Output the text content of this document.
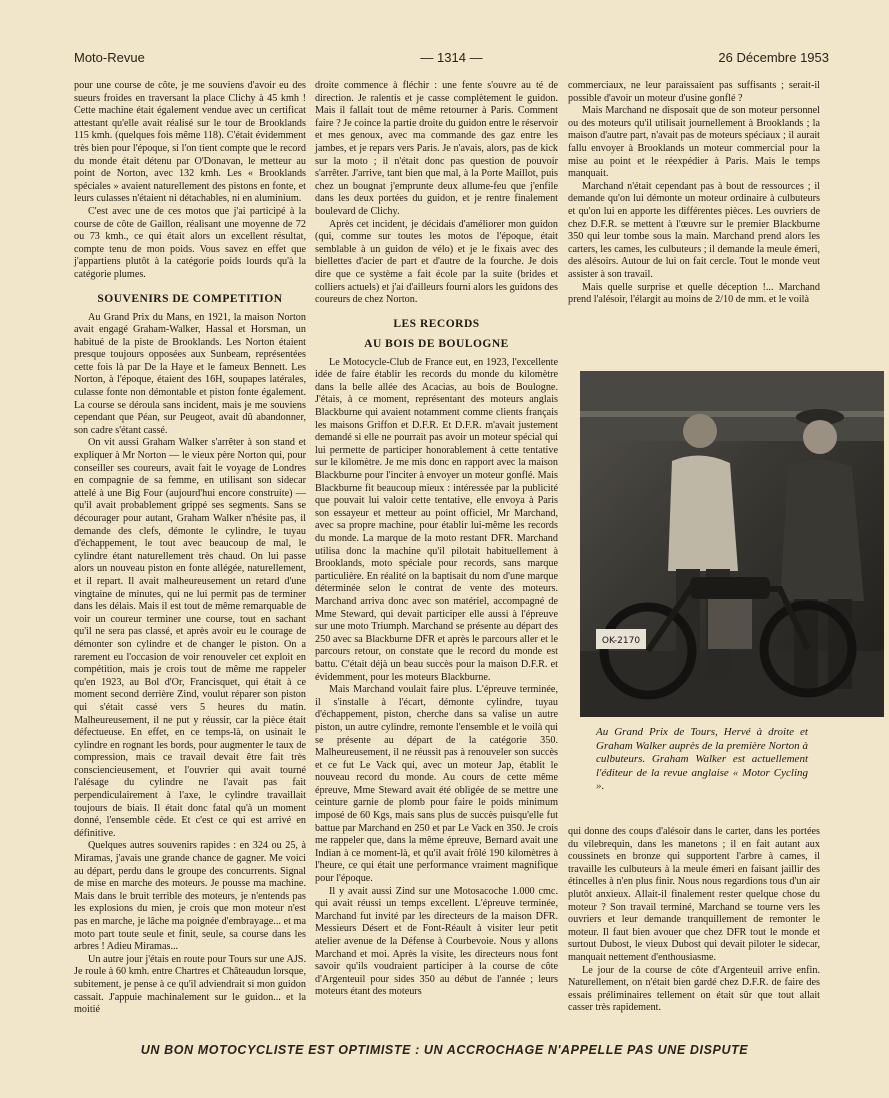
Moto-Revue	— 1314 —	26 Décembre 1953

pour une course de côte, je me souviens d'avoir eu des sueurs froides en traversant la place Clichy à 45 kmh ! Cette machine était également vendue avec un certificat attestant qu'elle avait réalisé sur le tour de Brooklands 115 kmh. (quelques fois même 118). C'était évidemment très bien pour l'époque, si l'on tient compte que le record du monde était détenu par O'Donavan, le metteur au point de Norton, avec 132 kmh. Les « Brooklands spéciales » avaient naturellement des pistons en fonte, et leurs culasses n'étaient ni détachables, ni en aluminium.

C'est avec une de ces motos que j'ai participé à la course de côte de Gaillon, réalisant une moyenne de 72 ou 73 kmh., ce qui était alors un excellent résultat, compte tenu de mon poids. Vous savez en effet que j'appartiens plutôt à la catégorie poids lourds qu'à la catégorie plumes.

SOUVENIRS DE COMPETITION

Au Grand Prix du Mans, en 1921, la maison Norton avait engagé Graham-Walker, Hassal et Horsman, un habitué de la piste de Brooklands. Les Norton étaient presque toujours opposées aux Sunbeam, représentées cette fois là par De la Haye et le fameux Bennett. Les Norton, à l'époque, étaient des 16H, soupapes latérales, culasse fonte non démontable et piston fonte également. La course se déroula sans incident, mais je me souviens cependant que Péan, sur Peugeot, avait dû abandonner, son cadre s'étant cassé.

On vit aussi Graham Walker s'arrêter à son stand et expliquer à Mr Norton — le vieux père Norton qui, pour conseiller ses coureurs, avait fait le voyage de Londres en compagnie de sa femme, en utilisant son sidecar attelé à une Big Four (aujourd'hui encore construite) — qu'il avait probablement grippé ses segments. Sans se décourager pour autant, Graham Walker n'hésite pas, il demande des clefs, démonte le cylindre, le tuyau d'échappement, le tout avec beaucoup de mal, le cylindre étant naturellement très chaud. On lui passe alors un nouveau piston en fonte allégée, naturellement, et il repart. Il avait malheureusement un retard d'une vingtaine de minutes, qui ne lui permit pas de terminer dans les délais. Mais il est tout de même remarquable de voir un coureur terminer une course, tout en sachant qu'il ne sera pas classé, et après avoir eu le courage de démonter son cylindre et de changer le piston. On a rarement eu l'occasion de voir renouveler cet exploit en compétition, mais je crois tout de même me rappeler qu'en 1923, au Bol d'Or, Francisquet, qui était à ce moment second derrière Zind, voulut réparer son piston qui s'était cassé vers 5 heures du matin. Malheureusement, il ne put y réussir, car la pièce était défectueuse. En effet, en ce temps-là, on usinait le cylindre en rognant les bords, pour augmenter le taux de compression, mais ce travail devait être fait très consciencieusement, et l'ouvrier qui avait tourné l'alésage du cylindre ne l'avait pas fait perpendiculairement à l'axe, le cylindre travaillait toujours de biais. Il était donc fatal qu'à un moment donné, l'ensemble cède. Et c'est ce qui est arrivé en définitive.

Quelques autres souvenirs rapides : en 324 ou 25, à Miramas, j'avais une grande chance de gagner. Me voici au départ, perdu dans le groupe des concurrents. Signal de mise en marche des moteurs. Je pousse ma machine. Mais dans le bruit terrible des moteurs, je n'entends pas les explosions du mien, je crois que mon moteur n'est pas en marche, je lâche ma poignée d'embrayage... et ma moto part toute seule et finit, seule, sa course dans les arbres ! Adieu Miramas...

Un autre jour j'étais en route pour Tours sur une AJS. Je roule à 60 kmh. entre Chartres et Châteaudun lorsque, subitement, je pense à ce qu'il adviendrait si mon guidon cassait. J'appuie machinalement sur le guidon... et la moitié

droite commence à fléchir : une fente s'ouvre au té de direction. Je ralentis et je casse complètement le guidon. Mais il fallait tout de même retourner à Paris. Comment faire ? Je coince la partie droite du guidon entre le réservoir et mes genoux, avec ma commande des gaz entre les jambes, et je repars vers Paris. Je n'avais, alors, pas de kick sur la moto ; il n'était donc pas question de pouvoir s'arrêter. J'arrive, tant bien que mal, à la Porte Maillot, puis chez un bougnat j'emprunte deux allume-feu que j'enfile dans les deux portées du guidon, et je rentre finalement boulevard de Clichy.

Après cet incident, je décidais d'améliorer mon guidon (qui, comme sur toutes les motos de l'époque, était semblable à un guidon de vélo) et je le fixais avec des biellettes d'acier de part et d'autre de la fourche. Je dois dire que ce système a fait école par la suite (brides et colliers actuels) et j'ai d'ailleurs fourni alors les guidons des coureurs de chez Norton.

LES RECORDS
AU BOIS DE BOULOGNE

Le Motocycle-Club de France eut, en 1923, l'excellente idée de faire établir les records du monde du kilomètre dans la belle allée des Acacias, au bois de Boulogne. J'étais, à ce moment, représentant des moteurs anglais Blackburne qui avaient notamment comme clients français les maisons Griffon et D.F.R. Et D.F.R. m'avait justement demandé si elle ne pourrait pas avoir un moteur spécial qui lui permette de participer honorablement à cette tentative sur le kilomètre. Je me mis donc en rapport avec la maison Blackburne pour l'inciter à envoyer un moteur gonflé. Mais Blackburne fit beaucoup mieux : intéressée par la publicité que pouvait lui valoir cette tentative, elle envoya à Paris son essayeur et metteur au point officiel, Mr Marchand, avec sa propre machine, pour établir lui-même les records du monde. La marque de la moto restant DFR. Marchand utilisa donc la machine qu'il pilotait habituellement à Brooklands, moto spéciale pour records, sans marque particulière. En réalité on la baptisait du nom d'une marque déterminée selon le contrat de vente des moteurs. Marchand arriva donc avec son matériel, accompagné de Mme Steward, qui devait participer elle aussi à l'épreuve sur une moto Triumph. Marchand se présente au départ des 250 avec sa Blackburne DFR et après le parcours aller et le parcours retour, on constate que le record du monde est battu. C'était déjà un beau succès pour la maison D.F.R. et évidemment, pour les moteurs Blackburne.

Mais Marchand voulait faire plus. L'épreuve terminée, il s'installe à l'écart, démonte cylindre, tuyau d'échappement, piston, cherche dans sa valise un autre piston, un autre cylindre, remonte l'ensemble et le voilà qui se présente au départ de la catégorie 350. Malheureusement, il ne réussit pas à renouveler son succès et ce fut Le Vack qui, avec un moteur Jap, établit le nouveau record du monde. Au cours de cette même épreuve, Mme Steward avait été obligée de se mettre une ceinture garnie de plomb pour faire le poids minimum imposé de 60 Kgs, mais sans plus de succès puisqu'elle fut battue par Marchand en 250 et par Le Vack en 350. Je crois me rappeler que, dans la même épreuve, Bernard avait une Indian à ce moment-là, et qu'il avait frôlé 190 kilomètres à l'heure, ce qui était une performance vraiment magnifique pour l'époque.

Il y avait aussi Zind sur une Motosacoche 1.000 cmc. qui avait réussi un temps excellent. L'épreuve terminée, Marchand fut invité par les directeurs de la maison DFR. Messieurs Désert et de Font-Réault à visiter leur petit atelier avenue de la Défense à Courbevoie. Nous y allons Marchand et moi. Après la visite, les directeurs nous font savoir qu'ils voudraient participer à la course de côte d'Argenteuil pour sides 350 au début de l'année ; leurs moteurs étant des moteurs

commerciaux, ne leur paraissaient pas suffisants ; serait-il possible d'avoir un moteur d'usine gonflé ?

Mais Marchand ne disposait que de son moteur personnel ou des moteurs qu'il utilisait journellement à Brooklands ; la maison d'autre part, n'avait pas de moteurs spéciaux ; il aurait fallu envoyer à Brooklands un moteur commercial pour la mise au point et le réexpédier à Paris. Mais le temps manquait.

Marchand n'était cependant pas à bout de ressources ; il demande qu'on lui démonte un moteur ordinaire à culbuteurs et qu'on lui en apporte les différentes pièces. Les ouvriers de chez D.F.R. se mettent à l'œuvre sur le premier Blackburne 350 qui leur tombe sous la main. Marchand prend alors les carters, les cames, les culbuteurs ; il demande la meule émeri, des alésoirs. Autour de lui on fait cercle. Tout le monde veut assister à son travail.

Mais quelle surprise et quelle déception !... Marchand prend l'alésoir, l'élargit au moins de 2/10 de mm. et le voilà

OK-2170
Au Grand Prix de Tours, Hervé à droite et Graham Walker auprès de la première Norton à culbuteurs. Graham Walker est actuellement l'éditeur de la revue anglaise « Motor Cycling ».

qui donne des coups d'alésoir dans le carter, dans les portées du vilebrequin, dans les manetons ; il en fait autant aux coussinets en bronze qui supportent l'arbre à cames, il travaille les culbuteurs à la meule émeri en faisant jaillir des étincelles à n'en plus finir. Nous nous regardions tous d'un air plutôt anxieux. Allait-il finalement rester quelque chose du moteur ? Son travail terminé, Marchand se tourne vers les ouvriers et leur demande tranquillement de remonter le moteur. Il faut bien avouer que chez DFR tout le monde et surtout Dubost, le vieux Dubost qui devait piloter le sidecar, manquait nettement d'enthousiasme.

Le jour de la course de côte d'Argenteuil arrive enfin. Naturellement, on n'était bien gardé chez D.F.R. de faire des essais préliminaires tellement on était sûr que tout allait casser très rapidement.

UN BON MOTOCYCLISTE EST OPTIMISTE : UN ACCROCHAGE N'APPELLE PAS UNE DISPUTE
